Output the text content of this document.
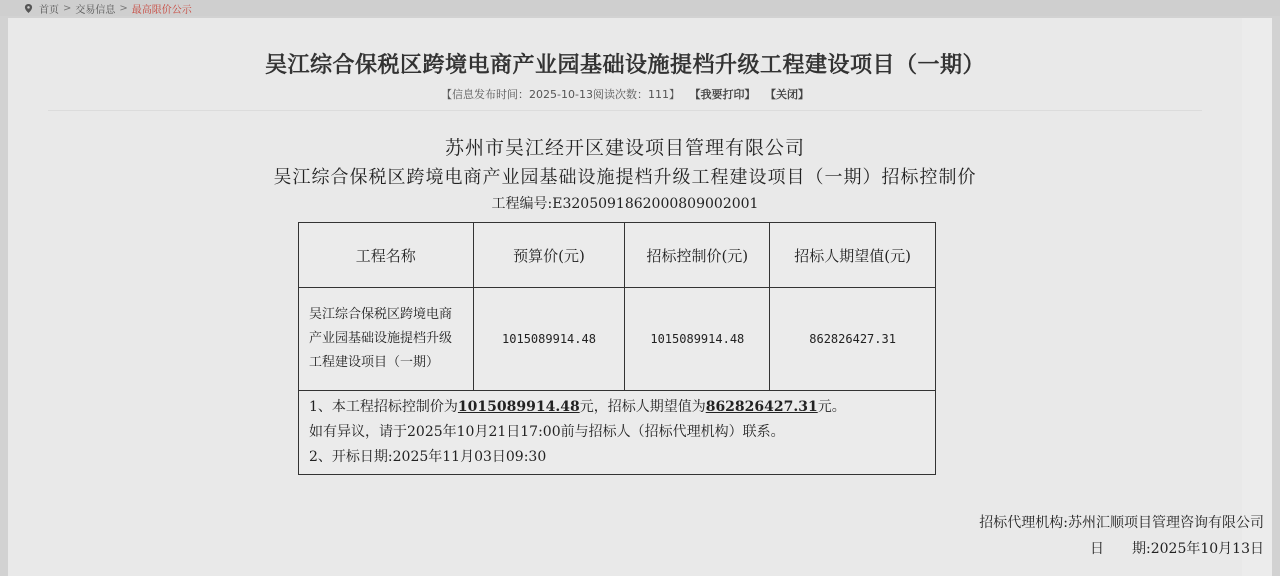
首页 > 交易信息 > 最高限价公示
吴江综合保税区跨境电商产业园基础设施提档升级工程建设项目（一期）
【信息发布时间：2025-10-13阅读次数：111】 【我要打印】 【关闭】
苏州市吴江经开区建设项目管理有限公司
吴江综合保税区跨境电商产业园基础设施提档升级工程建设项目（一期）招标控制价
工程编号:E3205091862000809002001
工程名称	预算价(元)	招标控制价(元)	招标人期望值(元)
吴江综合保税区跨境电商产业园基础设施提档升级工程建设项目（一期）	1015089914.48	1015089914.48	862826427.31

1、本工程招标控制价为1015089914.48元，招标人期望值为862826427.31元。
如有异议，请于2025年10月21日17:00前与招标人（招标代理机构）联系。
2、开标日期:2025年11月03日09:30			
招标代理机构:苏州汇顺项目管理咨询有限公司
日　　期:2025年10月13日
